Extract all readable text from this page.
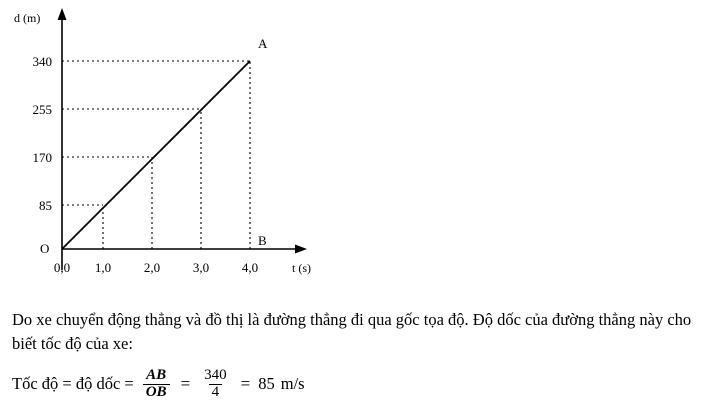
d (m)
t (s)
O
85
170
255
340
0,0 1,0	2,0	3,0	4,0
A
B
Do xe chuyển động thẳng và đồ thị là đường thẳng đi qua gốc tọa độ. Độ dốc của đường thẳng này cho biết tốc độ của xe:
Tốc độ = độ dốc = $\frac{AB}{OB} = \frac{340}{4} = 85$ m/s
